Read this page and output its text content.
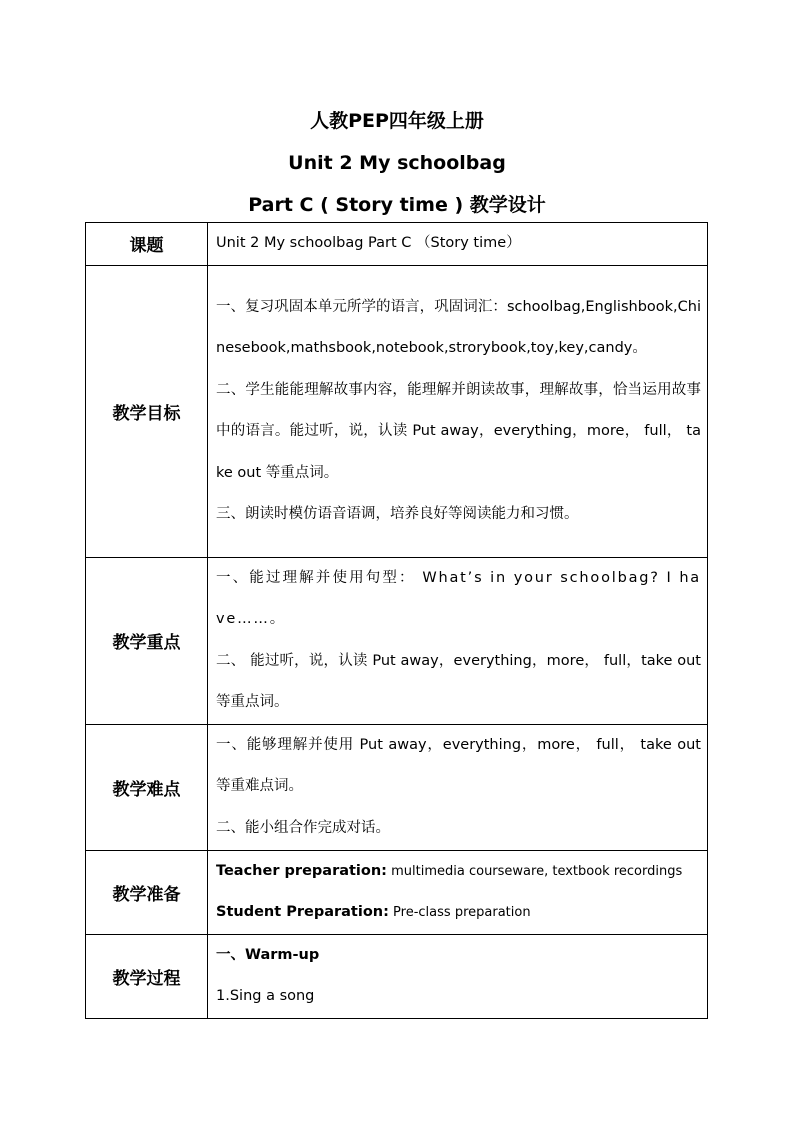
人教PEP四年级上册
Unit 2 My schoolbag
Part C ( Story time ) 教学设计
课题	Unit 2 My schoolbag Part C （Story time）

教学目标	一、复习巩固本单元所学的语言，巩固词汇：schoolbag,Englishbook,Chinesebook,mathsbook,notebook,strorybook,toy,key,candy。
二、学生能能理解故事内容，能理解并朗读故事，理解故事，恰当运用故事中的语言。能过听，说，认读 Put away，everything，more， full， take out 等重点词。
三、朗读时模仿语音语调，培养良好等阅读能力和习惯。

教学重点	一、能过理解并使用句型： What’s in your schoolbag? I have……。
二、 能过听，说，认读 Put away，everything，more， full，take out 等重点词。

教学难点	一、能够理解并使用 Put away，everything，more， full， take out 等重难点词。
二、能小组合作完成对话。

教学准备	Teacher preparation: multimedia courseware, textbook recordings
Student Preparation: Pre-class preparation

教学过程	一、Warm-up
1.Sing a song
